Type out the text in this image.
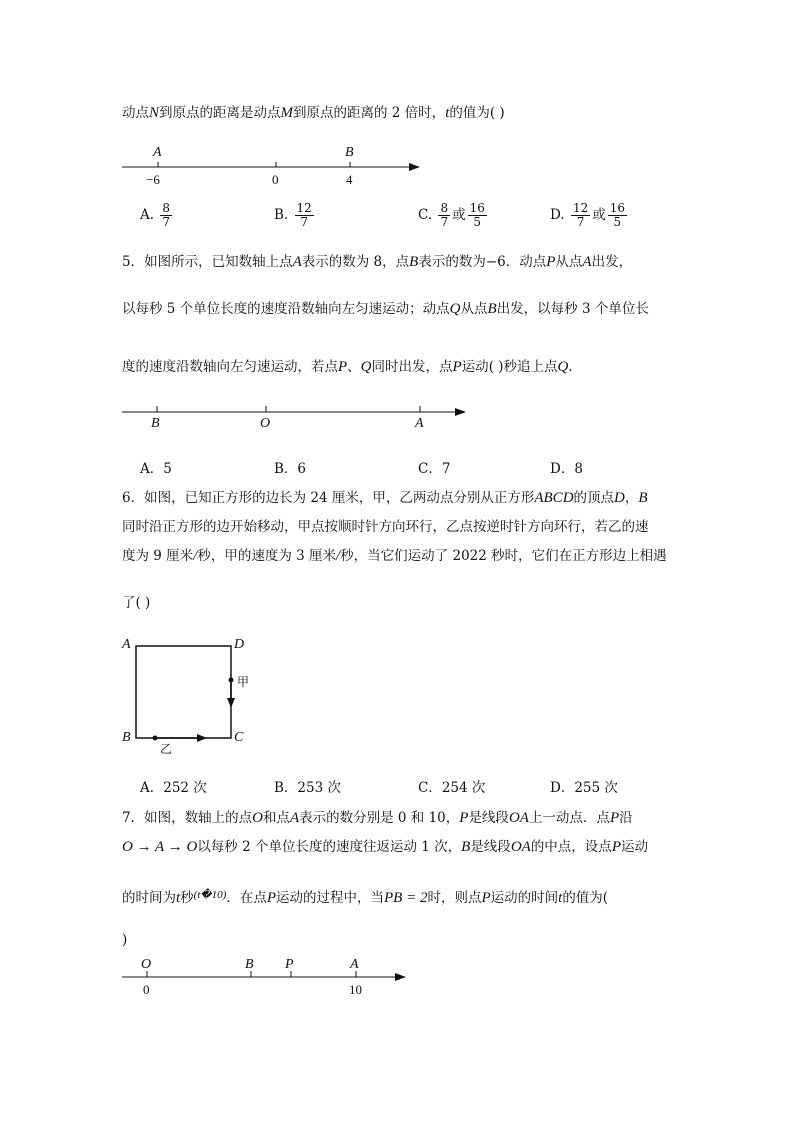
动点N到原点的距离是动点M到原点的距离的 2 倍时，t的值为( )
A	B
−6	0	4
A. $\frac{8}{7}$	B. $\frac{12}{7}$	C. $\frac{8}{7}$ 或 $\frac{16}{5}$	D. $\frac{12}{7}$ 或 $\frac{16}{5}$
5．如图所示，已知数轴上点A表示的数为 8，点B表示的数为−6．动点P从点A出发，
以每秒 5 个单位长度的速度沿数轴向左匀速运动；动点Q从点B出发，以每秒 3 个单位长
度的速度沿数轴向左匀速运动，若点P、Q同时出发，点P运动( )秒追上点Q．
B	O	A
A．5	B．6	C．7	D．8
6．如图，已知正方形的边长为 24 厘米，甲，乙两动点分别从正方形ABCD的顶点D，B
同时沿正方形的边开始移动，甲点按顺时针方向环行，乙点按逆时针方向环行，若乙的速
度为 9 厘米/秒，甲的速度为 3 厘米/秒，当它们运动了 2022 秒时，它们在正方形边上相遇
了( )
A	D
B	C
甲
乙
A．252 次	B．253 次	C．254 次	D．255 次
7．如图，数轴上的点O和点A表示的数分别是 0 和 10，P是线段OA上一动点．点P沿
O → A → O以每秒 2 个单位长度的速度往返运动 1 次，B是线段OA的中点，设点P运动
的时间为t秒$^{(t�10)}$．在点P运动的过程中，当PB = 2时，则点P运动的时间t的值为(
)
O	B P	A
0	10
